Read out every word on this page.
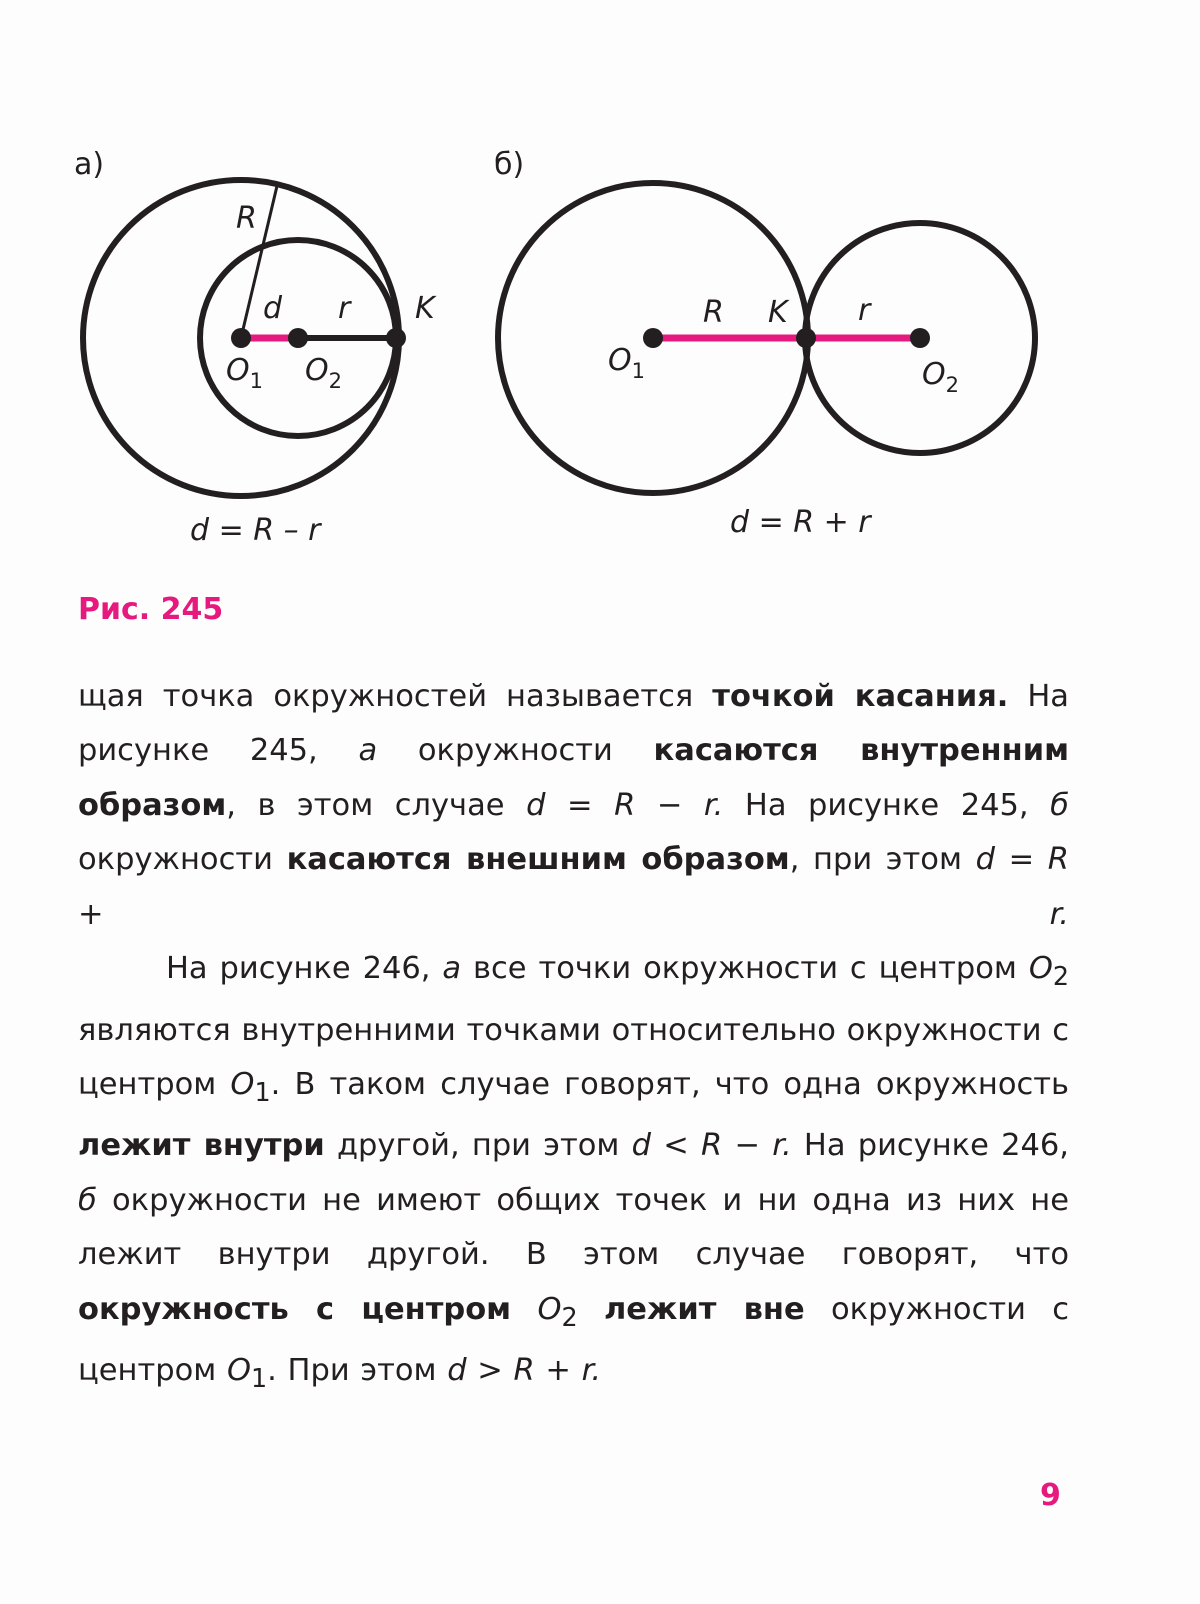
а)
R
d r K
$O_1$ $O_2$
d = R – r
б)
R K r
$O_1$	$O_2$
d = R + r
Рис. 245

щая точка окружностей называется точкой касания. На рисунке 245, а окружности касаются внутренним образом, в этом случае d = R − r. На рисунке 245, б окружности касаются внешним образом, при этом d = R + r.

На рисунке 246, а все точки окружности с центром $O_2$ являются внутренними точками относительно окружности с центром $O_1$. В таком случае говорят, что одна окружность лежит внутри другой, при этом d < R − r. На рисунке 246, б окружности не имеют общих точек и ни одна из них не лежит внутри другой. В этом случае говорят, что окружность с центром $O_2$ лежит вне окружности с центром $O_1$. При этом d > R + r.

9
